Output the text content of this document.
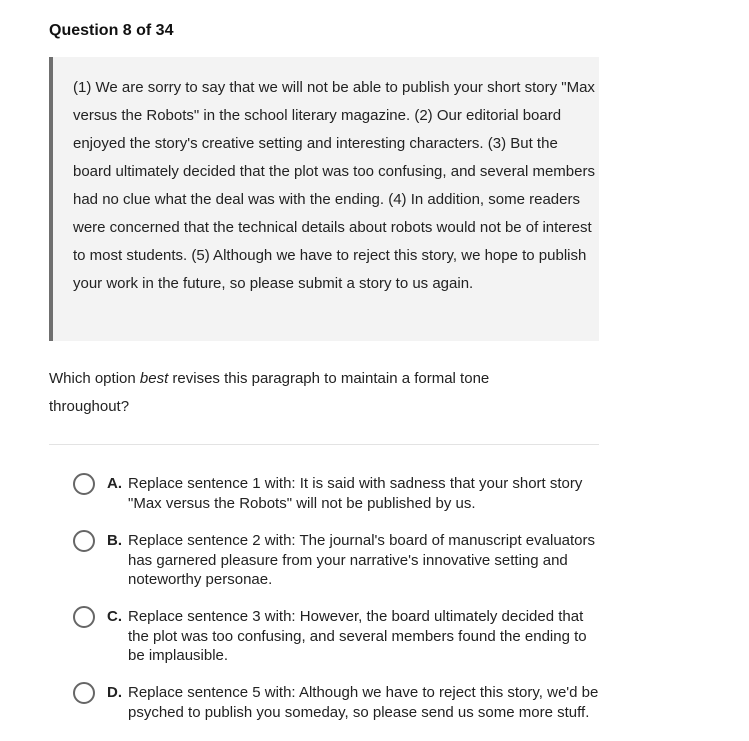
Question 8 of 34
(1) We are sorry to say that we will not be able to publish your short story "Max versus the Robots" in the school literary magazine. (2) Our editorial board enjoyed the story's creative setting and interesting characters. (3) But the board ultimately decided that the plot was too confusing, and several members had no clue what the deal was with the ending. (4) In addition, some readers were concerned that the technical details about robots would not be of interest to most students. (5) Although we have to reject this story, we hope to publish your work in the future, so please submit a story to us again.
Which option best revises this paragraph to maintain a formal tone throughout?
A. Replace sentence 1 with: It is said with sadness that your short story "Max versus the Robots" will not be published by us.
B. Replace sentence 2 with: The journal's board of manuscript evaluators has garnered pleasure from your narrative's innovative setting and noteworthy personae.
C. Replace sentence 3 with: However, the board ultimately decided that the plot was too confusing, and several members found the ending to be implausible.
D. Replace sentence 5 with: Although we have to reject this story, we'd be psyched to publish you someday, so please send us some more stuff.
